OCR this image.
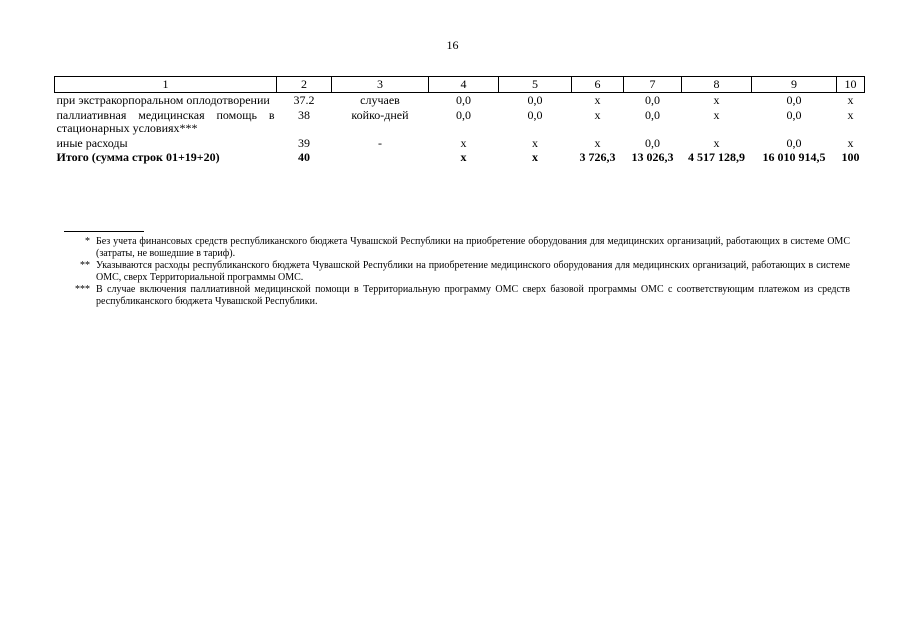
16
1	2	3	4	5	6	7	8	9	10
при экстракорпоральном оплодотворении	37.2	случаев	0,0	0,0	x	0,0	x	0,0	x
паллиативная медицинская помощь в стационарных условиях***	38	койко-дней	0,0	0,0	x	0,0	x	0,0	x
иные расходы	39	-	x	x	x	0,0	x	0,0	x
Итого (сумма строк 01+19+20)	40		x	x	3 726,3	13 026,3	4 517 128,9	16 010 914,5	100
* Без учета финансовых средств республиканского бюджета Чувашской Республики на приобретение оборудования для медицинских организаций, работающих в системе ОМС (затраты, не вошедшие в тариф).
** Указываются расходы республиканского бюджета Чувашской Республики на приобретение медицинского оборудования для медицинских организаций, работающих в системе ОМС, сверх Территориальной программы ОМС.
*** В случае включения паллиативной медицинской помощи в Территориальную программу ОМС сверх базовой программы ОМС с соответствующим платежом из средств республиканского бюджета Чувашской Республики.
